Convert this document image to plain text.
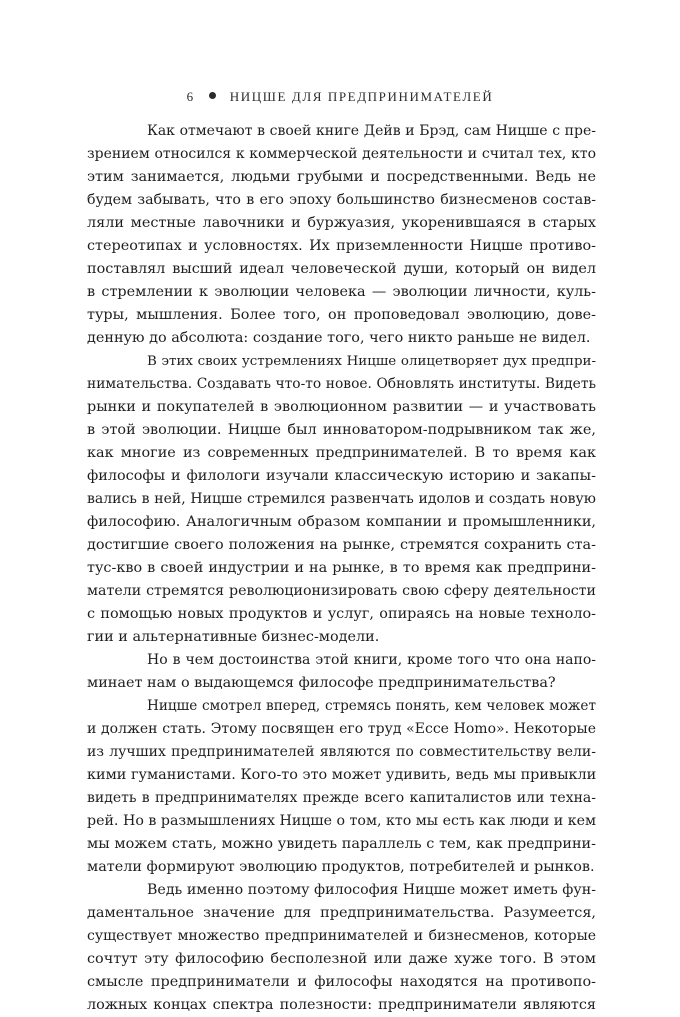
6	НИЦШЕ ДЛЯ ПРЕДПРИНИМАТЕЛЕЙ
Как отмечают в своей книге Дейв и Брэд, сам Ницше с пре-
зрением относился к коммерческой деятельности и считал тех, кто
этим занимается, людьми грубыми и посредственными. Ведь не
будем забывать, что в его эпоху большинство бизнесменов состав-
ляли местные лавочники и буржуазия, укоренившаяся в старых
стереотипах и условностях. Их приземленности Ницше противо-
поставлял высший идеал человеческой души, который он видел
в стремлении к эволюции человека — эволюции личности, куль-
туры, мышления. Более того, он проповедовал эволюцию, дове-
денную до абсолюта: создание того, чего никто раньше не видел.
В этих своих устремлениях Ницше олицетворяет дух предпри-
нимательства. Создавать что-то новое. Обновлять институты. Видеть
рынки и покупателей в эволюционном развитии — и участвовать
в этой эволюции. Ницше был инноватором-подрывником так же,
как многие из современных предпринимателей. В то время как
философы и филологи изучали классическую историю и закапы-
вались в ней, Ницше стремился развенчать идолов и создать новую
философию. Аналогичным образом компании и промышленники,
достигшие своего положения на рынке, стремятся сохранить ста-
тус-кво в своей индустрии и на рынке, в то время как предприни-
матели стремятся революционизировать свою сферу деятельности
с помощью новых продуктов и услуг, опираясь на новые техноло-
гии и альтернативные бизнес-модели.
Но в чем достоинства этой книги, кроме того что она напо-
минает нам о выдающемся философе предпринимательства?
Ницше смотрел вперед, стремясь понять, кем человек может
и должен стать. Этому посвящен его труд «Ecce Homo». Некоторые
из лучших предпринимателей являются по совместительству вели-
кими гуманистами. Кого-то это может удивить, ведь мы привыкли
видеть в предпринимателях прежде всего капиталистов или технa-
рей. Но в размышлениях Ницше о том, кто мы есть как люди и кем
мы можем стать, можно увидеть параллель с тем, как предприни-
матели формируют эволюцию продуктов, потребителей и рынков.
Ведь именно поэтому философия Ницше может иметь фун-
даментальное значение для предпринимательства. Разумеется,
существует множество предпринимателей и бизнесменов, которые
сочтут эту философию бесполезной или даже хуже того. В этом
смысле предприниматели и философы находятся на противопо-
ложных концах спектра полезности: предприниматели являются
